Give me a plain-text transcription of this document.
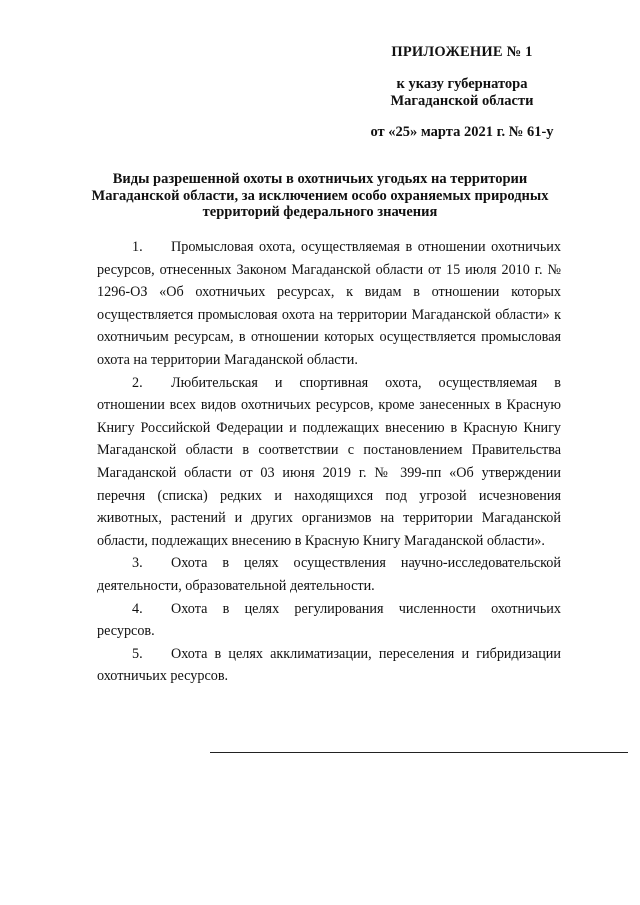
ПРИЛОЖЕНИЕ № 1

к указу губернатора

Магаданской области

от «25» марта 2021 г. № 61-у

Виды разрешенной охоты в охотничьих угодьях на территории Магаданской области, за исключением особо охраняемых природных территорий федерального значения

1. Промысловая охота, осуществляемая в отношении охотничьих ресурсов, отнесенных Законом Магаданской области от 15 июля 2010 г. № 1296-ОЗ «Об охотничьих ресурсах, к видам в отношении которых осуществляется промысловая охота на территории Магаданской области» к охотничьим ресурсам, в отношении которых осуществляется промысловая охота на территории Магаданской области.

2. Любительская и спортивная охота, осуществляемая в отношении всех видов охотничьих ресурсов, кроме занесенных в Красную Книгу Российской Федерации и подлежащих внесению в Красную Книгу Магаданской области в соответствии с постановлением Правительства Магаданской области от 03 июня 2019 г. № 399-пп «Об утверждении перечня (списка) редких и находящихся под угрозой исчезновения животных, растений и других организмов на территории Магаданской области, подлежащих внесению в Красную Книгу Магаданской области».

3. Охота в целях осуществления научно-исследовательской деятельности, образовательной деятельности.

4. Охота в целях регулирования численности охотничьих ресурсов.

5. Охота в целях акклиматизации, переселения и гибридизации охотничьих ресурсов.
